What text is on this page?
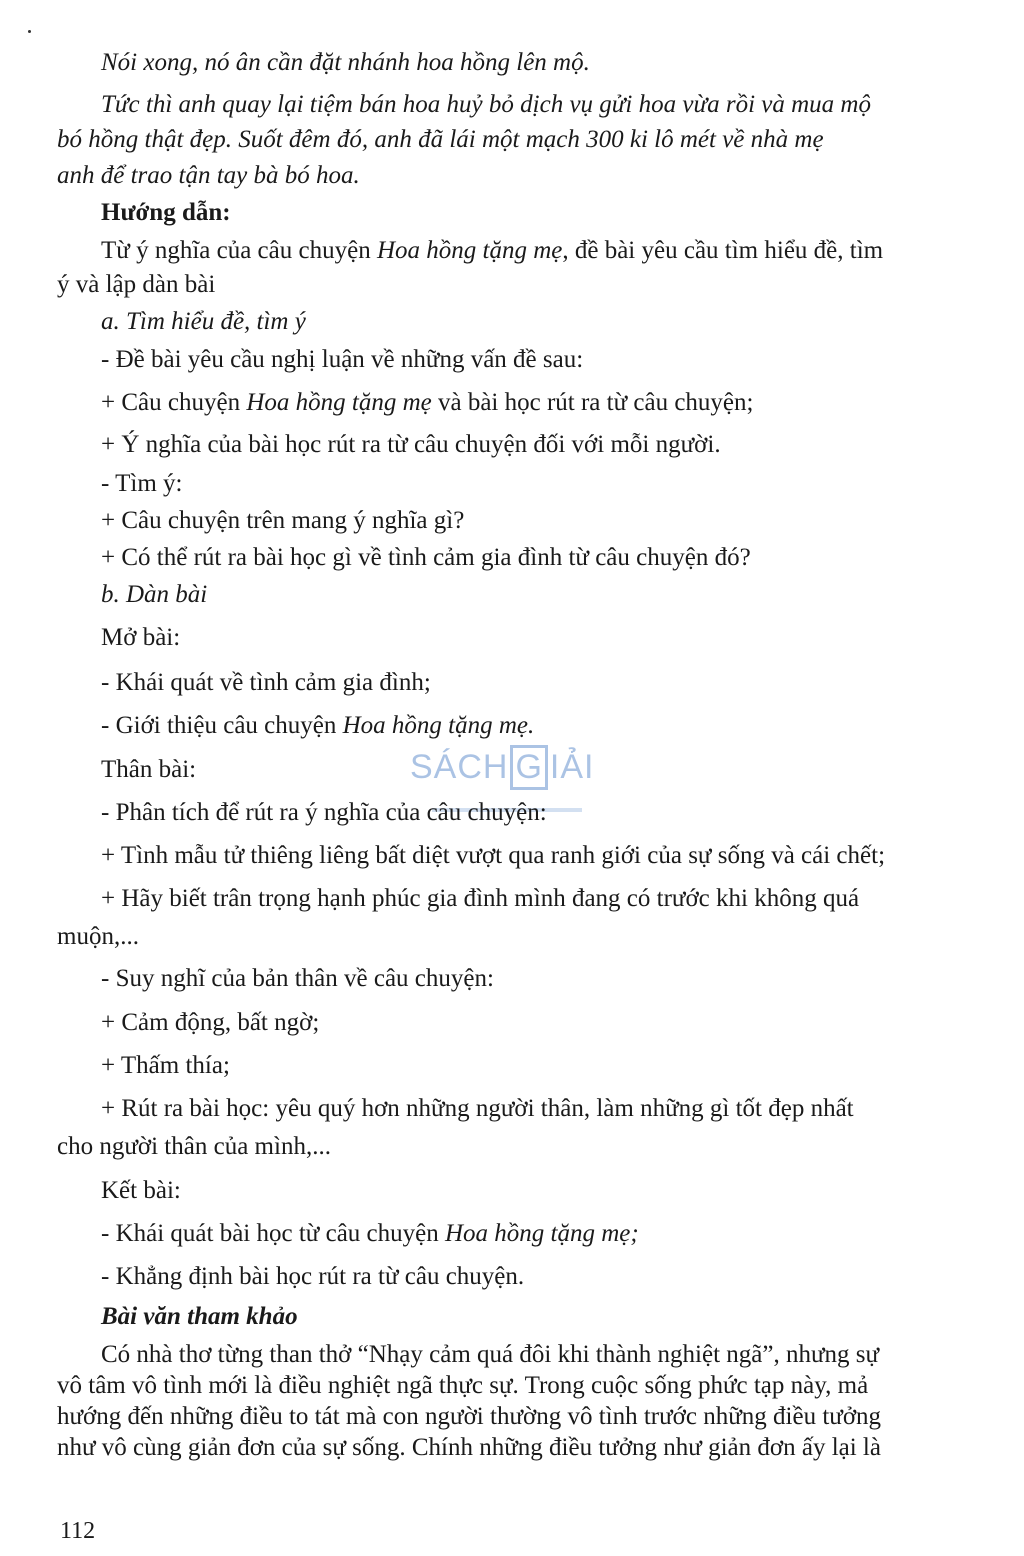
Nói xong, nó ân cần đặt nhánh hoa hồng lên mộ.
Tức thì anh quay lại tiệm bán hoa huỷ bỏ dịch vụ gửi hoa vừa rồi và mua mộ
bó hồng thật đẹp. Suốt đêm đó, anh đã lái một mạch 300 ki lô mét về nhà mẹ
anh để trao tận tay bà bó hoa.
Hướng dẫn:
Từ ý nghĩa của câu chuyện Hoa hồng tặng mẹ, đề bài yêu cầu tìm hiểu đề, tìm
ý và lập dàn bài
a. Tìm hiểu đề, tìm ý
- Đề bài yêu cầu nghị luận về những vấn đề sau:
+ Câu chuyện Hoa hồng tặng mẹ và bài học rút ra từ câu chuyện;
+ Ý nghĩa của bài học rút ra từ câu chuyện đối với mỗi người.
- Tìm ý:
+ Câu chuyện trên mang ý nghĩa gì?
+ Có thể rút ra bài học gì về tình cảm gia đình từ câu chuyện đó?
b. Dàn bài
Mở bài:
- Khái quát về tình cảm gia đình;
- Giới thiệu câu chuyện Hoa hồng tặng mẹ.
SÁCH G IẢI
Thân bài:
- Phân tích để rút ra ý nghĩa của câu chuyện:
+ Tình mẫu tử thiêng liêng bất diệt vượt qua ranh giới của sự sống và cái chết;
+ Hãy biết trân trọng hạnh phúc gia đình mình đang có trước khi không quá
muộn,...
- Suy nghĩ của bản thân về câu chuyện:
+ Cảm động, bất ngờ;
+ Thấm thía;
+ Rút ra bài học: yêu quý hơn những người thân, làm những gì tốt đẹp nhất
cho người thân của mình,...
Kết bài:
- Khái quát bài học từ câu chuyện Hoa hồng tặng mẹ;
- Khẳng định bài học rút ra từ câu chuyện.
Bài văn tham khảo
Có nhà thơ từng than thở “Nhạy cảm quá đôi khi thành nghiệt ngã”, nhưng sự
vô tâm vô tình mới là điều nghiệt ngã thực sự. Trong cuộc sống phức tạp này, mả
hướng đến những điều to tát mà con người thường vô tình trước những điều tưởng
như vô cùng giản đơn của sự sống. Chính những điều tưởng như giản đơn ấy lại là
112
